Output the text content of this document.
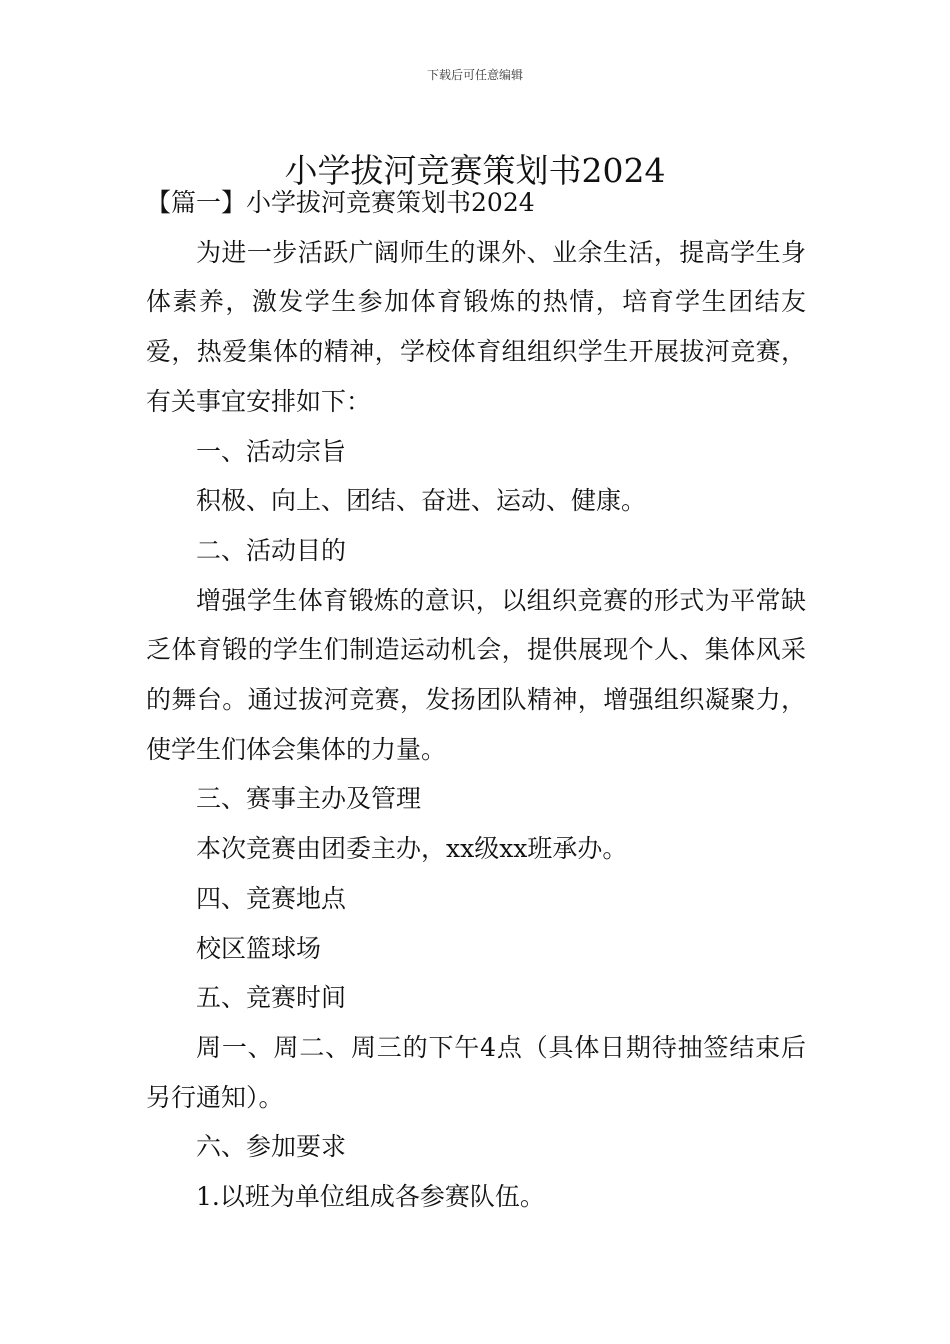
下载后可任意编辑
小学拔河竞赛策划书2024

【篇一】小学拔河竞赛策划书2024

为进一步活跃广阔师生的课外、业余生活，提高学生身体素养，激发学生参加体育锻炼的热情，培育学生团结友爱，热爱集体的精神，学校体育组组织学生开展拔河竞赛，有关事宜安排如下：

一、活动宗旨

积极、向上、团结、奋进、运动、健康。

二、活动目的

增强学生体育锻炼的意识，以组织竞赛的形式为平常缺乏体育锻的学生们制造运动机会，提供展现个人、集体风采的舞台。通过拔河竞赛，发扬团队精神，增强组织凝聚力，使学生们体会集体的力量。

三、赛事主办及管理

本次竞赛由团委主办，xx级xx班承办。

四、竞赛地点

校区篮球场

五、竞赛时间

周一、周二、周三的下午4点（具体日期待抽签结束后另行通知）。

六、参加要求

1.以班为单位组成各参赛队伍。
